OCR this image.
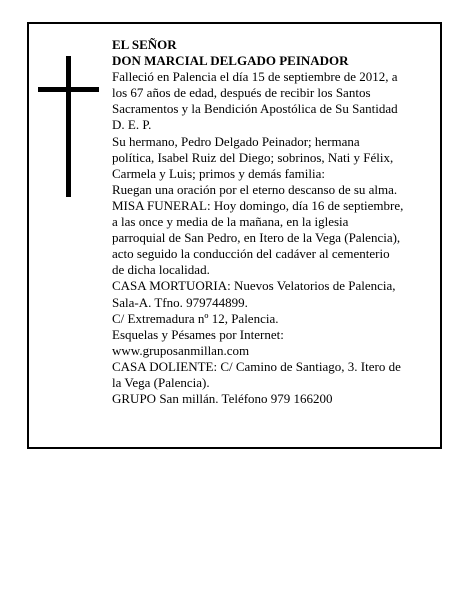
EL SEÑOR
DON MARCIAL DELGADO PEINADOR
Falleció en Palencia el día 15 de septiembre de 2012, a
los 67 años de edad, después de recibir los Santos
Sacramentos y la Bendición Apostólica de Su Santidad
D. E. P.
Su hermano, Pedro Delgado Peinador; hermana
política, Isabel Ruiz del Diego; sobrinos, Nati y Félix,
Carmela y Luis; primos y demás familia:
Ruegan una oración por el eterno descanso de su alma.
MISA FUNERAL: Hoy domingo, día 16 de septiembre,
a las once y media de la mañana, en la iglesia
parroquial de San Pedro, en Itero de la Vega (Palencia),
acto seguido la conducción del cadáver al cementerio
de dicha localidad.
CASA MORTUORIA: Nuevos Velatorios de Palencia,
Sala-A. Tfno. 979744899.
C/ Extremadura nº 12, Palencia.
Esquelas y Pésames por Internet:
www.gruposanmillan.com
CASA DOLIENTE: C/ Camino de Santiago, 3. Itero de
la Vega (Palencia).
GRUPO San millán. Teléfono 979 166200
